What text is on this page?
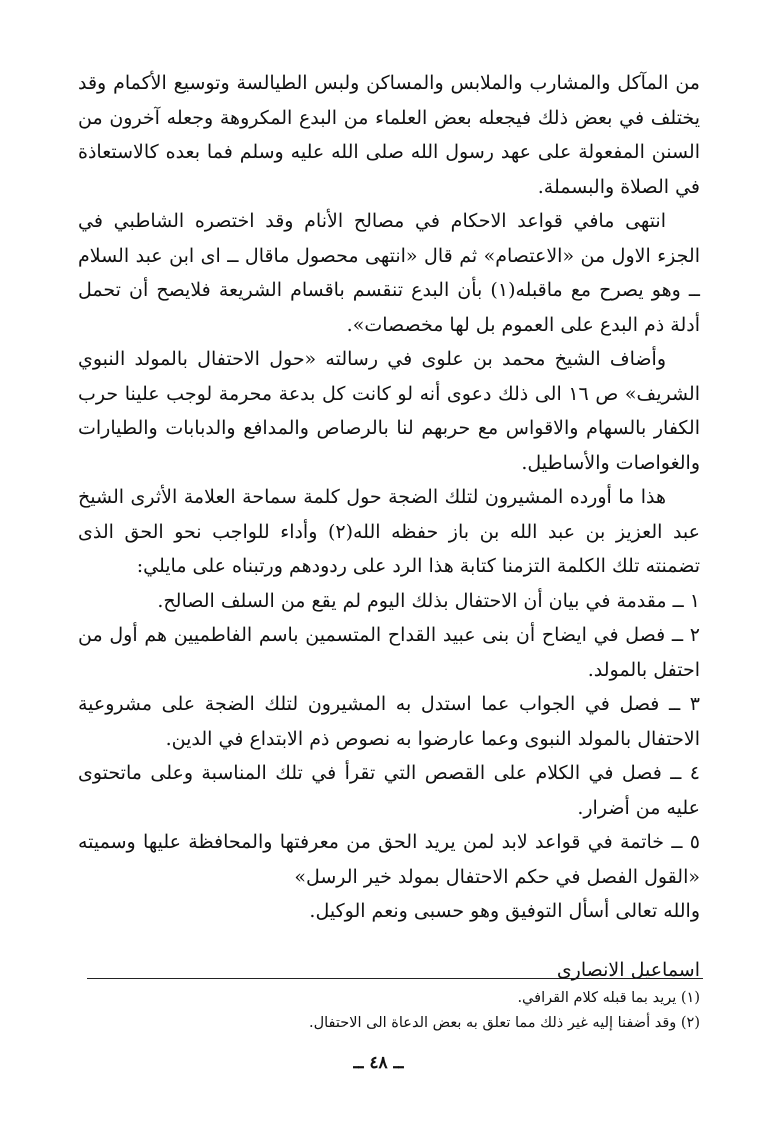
من المآكل والمشارب والملابس والمساكن ولبس الطيالسة وتوسيع الأكمام وقد يختلف في بعض ذلك فيجعله بعض العلماء من البدع المكروهة وجعله آخرون من السنن المفعولة على عهد رسول الله صلى الله عليه وسلم فما بعده كالاستعاذة في الصلاة والبسملة.

انتهى مافي قواعد الاحكام في مصالح الأنام وقد اختصره الشاطبي في الجزء الاول من «الاعتصام» ثم قال «انتهى محصول ماقال ــ اى ابن عبد السلام ــ وهو يصرح مع ماقبله(١) بأن البدع تنقسم باقسام الشريعة فلايصح أن تحمل أدلة ذم البدع على العموم بل لها مخصصات».

وأضاف الشيخ محمد بن علوى في رسالته «حول الاحتفال بالمولد النبوي الشريف» ص ١٦ الى ذلك دعوى أنه لو كانت كل بدعة محرمة لوجب علينا حرب الكفار بالسهام والاقواس مع حربهم لنا بالرصاص والمدافع والدبابات والطيارات والغواصات والأساطيل.

هذا ما أورده المشيرون لتلك الضجة حول كلمة سماحة العلامة الأثرى الشيخ عبد العزيز بن عبد الله بن باز حفظه الله(٢) وأداء للواجب نحو الحق الذى تضمنته تلك الكلمة التزمنا كتابة هذا الرد على ردودهم ورتبناه على مايلي:

١ ــ مقدمة في بيان أن الاحتفال بذلك اليوم لم يقع من السلف الصالح.

٢ ــ فصل في ايضاح أن بنى عبيد القداح المتسمين باسم الفاطميين هم أول من احتفل بالمولد.

٣ ــ فصل في الجواب عما استدل به المشيرون لتلك الضجة على مشروعية الاحتفال بالمولد النبوى وعما عارضوا به نصوص ذم الابتداع في الدين.

٤ ــ فصل في الكلام على القصص التي تقرأ في تلك المناسبة وعلى ماتحتوى عليه من أضرار.

٥ ــ خاتمة في قواعد لابد لمن يريد الحق من معرفتها والمحافظة عليها وسميته «القول الفصل في حكم الاحتفال بمولد خير الرسل»

والله تعالى أسأل التوفيق وهو حسبى ونعم الوكيل.

اسماعيل الانصارى

(١) يريد بما قبله كلام القرافي.

(٢) وقد أضفنا إليه غير ذلك مما تعلق به بعض الدعاة الى الاحتفال.

ــ ٤٨ ــ
